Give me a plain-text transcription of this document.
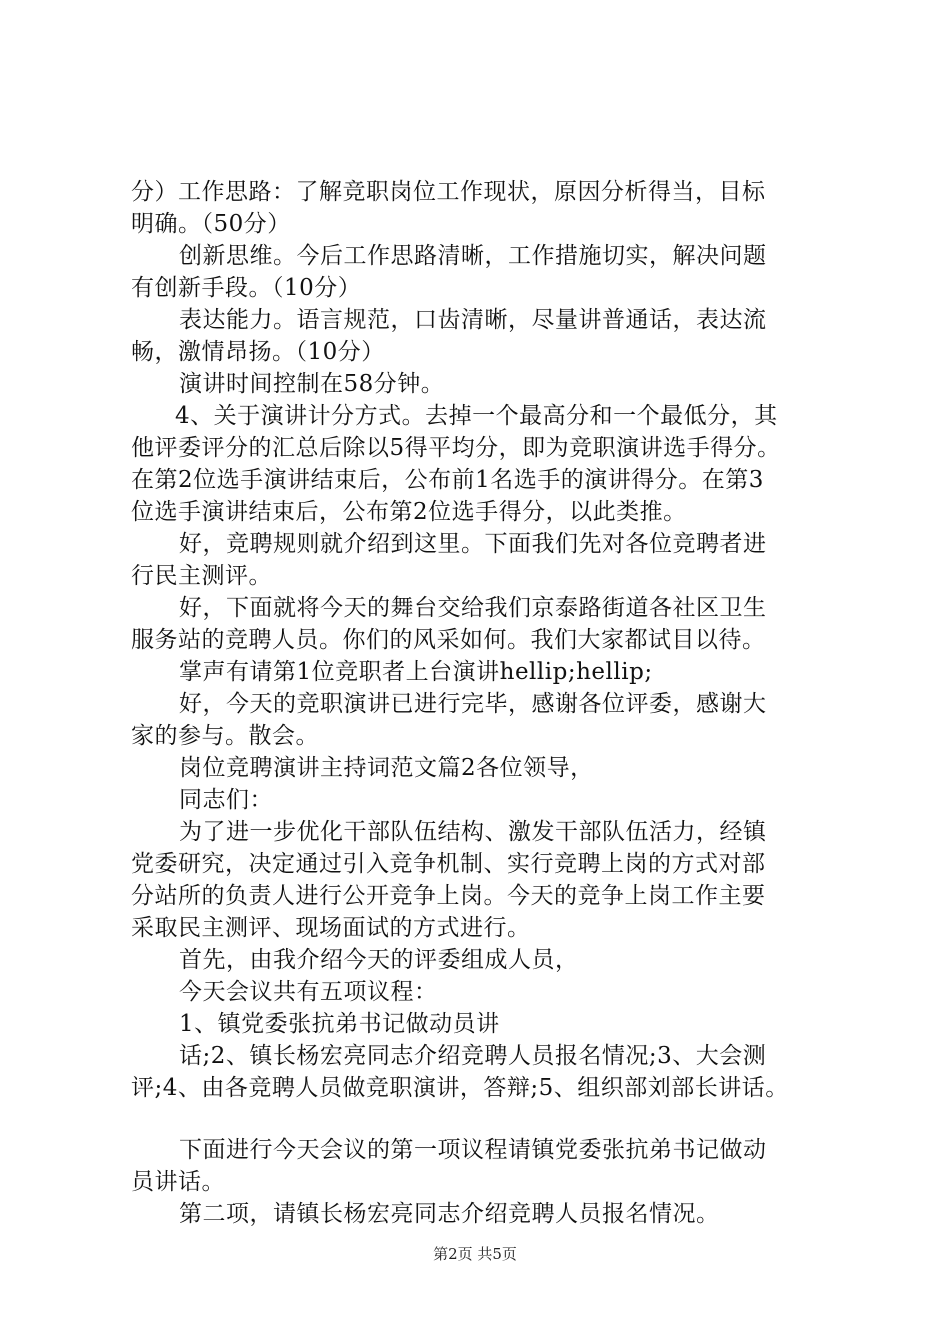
分）工作思路：了解竞职岗位工作现状，原因分析得当，目标
明确。（50分）
创新思维。今后工作思路清晰，工作措施切实，解决问题
有创新手段。（10分）
表达能力。语言规范，口齿清晰，尽量讲普通话，表达流
畅，激情昂扬。（10分）
演讲时间控制在58分钟。
4、关于演讲计分方式。去掉一个最高分和一个最低分，其
他评委评分的汇总后除以5得平均分，即为竞职演讲选手得分。
在第2位选手演讲结束后，公布前1名选手的演讲得分。在第3
位选手演讲结束后，公布第2位选手得分，以此类推。
好，竞聘规则就介绍到这里。下面我们先对各位竞聘者进
行民主测评。
好，下面就将今天的舞台交给我们京泰路街道各社区卫生
服务站的竞聘人员。你们的风采如何。我们大家都试目以待。
掌声有请第1位竞职者上台演讲hellip;hellip;
好，今天的竞职演讲已进行完毕，感谢各位评委，感谢大
家的参与。散会。
岗位竞聘演讲主持词范文篇2各位领导，
同志们：
为了进一步优化干部队伍结构、激发干部队伍活力，经镇
党委研究，决定通过引入竞争机制、实行竞聘上岗的方式对部
分站所的负责人进行公开竞争上岗。今天的竞争上岗工作主要
采取民主测评、现场面试的方式进行。
首先，由我介绍今天的评委组成人员，
今天会议共有五项议程：
1、镇党委张抗弟书记做动员讲
话;2、镇长杨宏亮同志介绍竞聘人员报名情况;3、大会测
评;4、由各竞聘人员做竞职演讲，答辩;5、组织部刘部长讲话。
下面进行今天会议的第一项议程请镇党委张抗弟书记做动
员讲话。
第二项，请镇长杨宏亮同志介绍竞聘人员报名情况。
第2页 共5页
